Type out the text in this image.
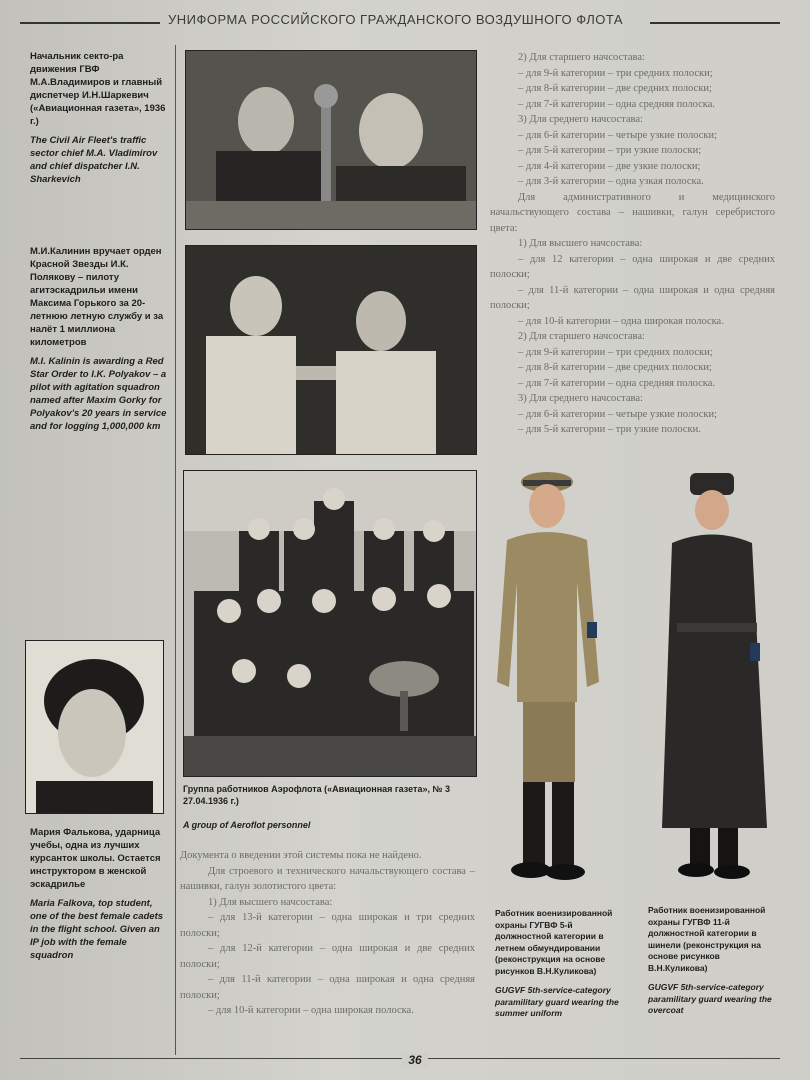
УНИФОРМА РОССИЙСКОГО ГРАЖДАНСКОГО ВОЗДУШНОГО ФЛОТА
Начальник секто-ра движения ГВФ М.А.Владимиров и главный диспетчер И.Н.Шаркевич («Авиационная газета», 1936 г.)
The Civil Air Fleet's traffic sector chief M.A. Vladimirov and chief dispatcher I.N. Sharkevich
М.И.Калинин вручает орден Красной Звезды И.К. Полякову – пилоту агитэскадрильи имени Максима Горького за 20-летнюю летную службу и за налёт 1 миллиона километров
M.I. Kalinin is awarding a Red Star Order to I.K. Polyakov – a pilot with agitation squadron named after Maxim Gorky for Polyakov's 20 years in service and for logging 1,000,000 km
Мария Фалькова, ударница учебы, одна из лучших курсанток школы. Остается инструктором в женской эскадрилье
Maria Falkova, top student, one of the best female cadets in the flight school. Given an IP job with the female squadron
Группа работников Аэрофлота («Авиационная газета», № 3 27.04.1936 г.)
A group of Aeroflot personnel

2) Для старшего начсостава:

– для 9-й категории – три средних полоски;

– для 8-й категории – две средних полоски;

– для 7-й категории – одна средняя полоска.

3) Для среднего начсостава:

– для 6-й категории – четыре узкие полоски;

– для 5-й категории – три узкие полоски;

– для 4-й категории – две узкие полоски;

– для 3-й категории – одна узкая полоска.

Для административного и медицинского начальствующего состава – нашивки, галун серебристого цвета:

1) Для высшего начсостава:

– для 12 категории – одна широкая и две средних полоски;

– для 11-й категории – одна широкая и одна средняя полоски;

– для 10-й категории – одна широкая полоска.

2) Для старшего начсостава:

– для 9-й категории – три средних полоски;

– для 8-й категории – две средних полоски;

– для 7-й категории – одна средняя полоска.

3) Для среднего начсостава:

– для 6-й категории – четыре узкие полоски;

– для 5-й категории – три узкие полоски.

Документа о введении этой системы пока не найдено.

Для строевого и технического начальствующего состава – нашивки, галун золотистого цвета:

1) Для высшего начсостава:

– для 13-й категории – одна широкая и три средних полоски;

– для 12-й категории – одна широкая и две средних полоски;

– для 11-й категории – одна широкая и одна средняя полоски;

– для 10-й категории – одна широкая полоска.

Работник военизированной охраны ГУГВФ 5-й должностной категории в летнем обмундировании (реконструкция на основе рисунков В.Н.Куликова)
GUGVF 5th-service-category paramilitary guard wearing the summer uniform
Работник военизированной охраны ГУГВФ 11-й должностной категории в шинели (реконструкция на основе рисунков В.Н.Куликова)
GUGVF 5th-service-category paramilitary guard wearing the overcoat
36
